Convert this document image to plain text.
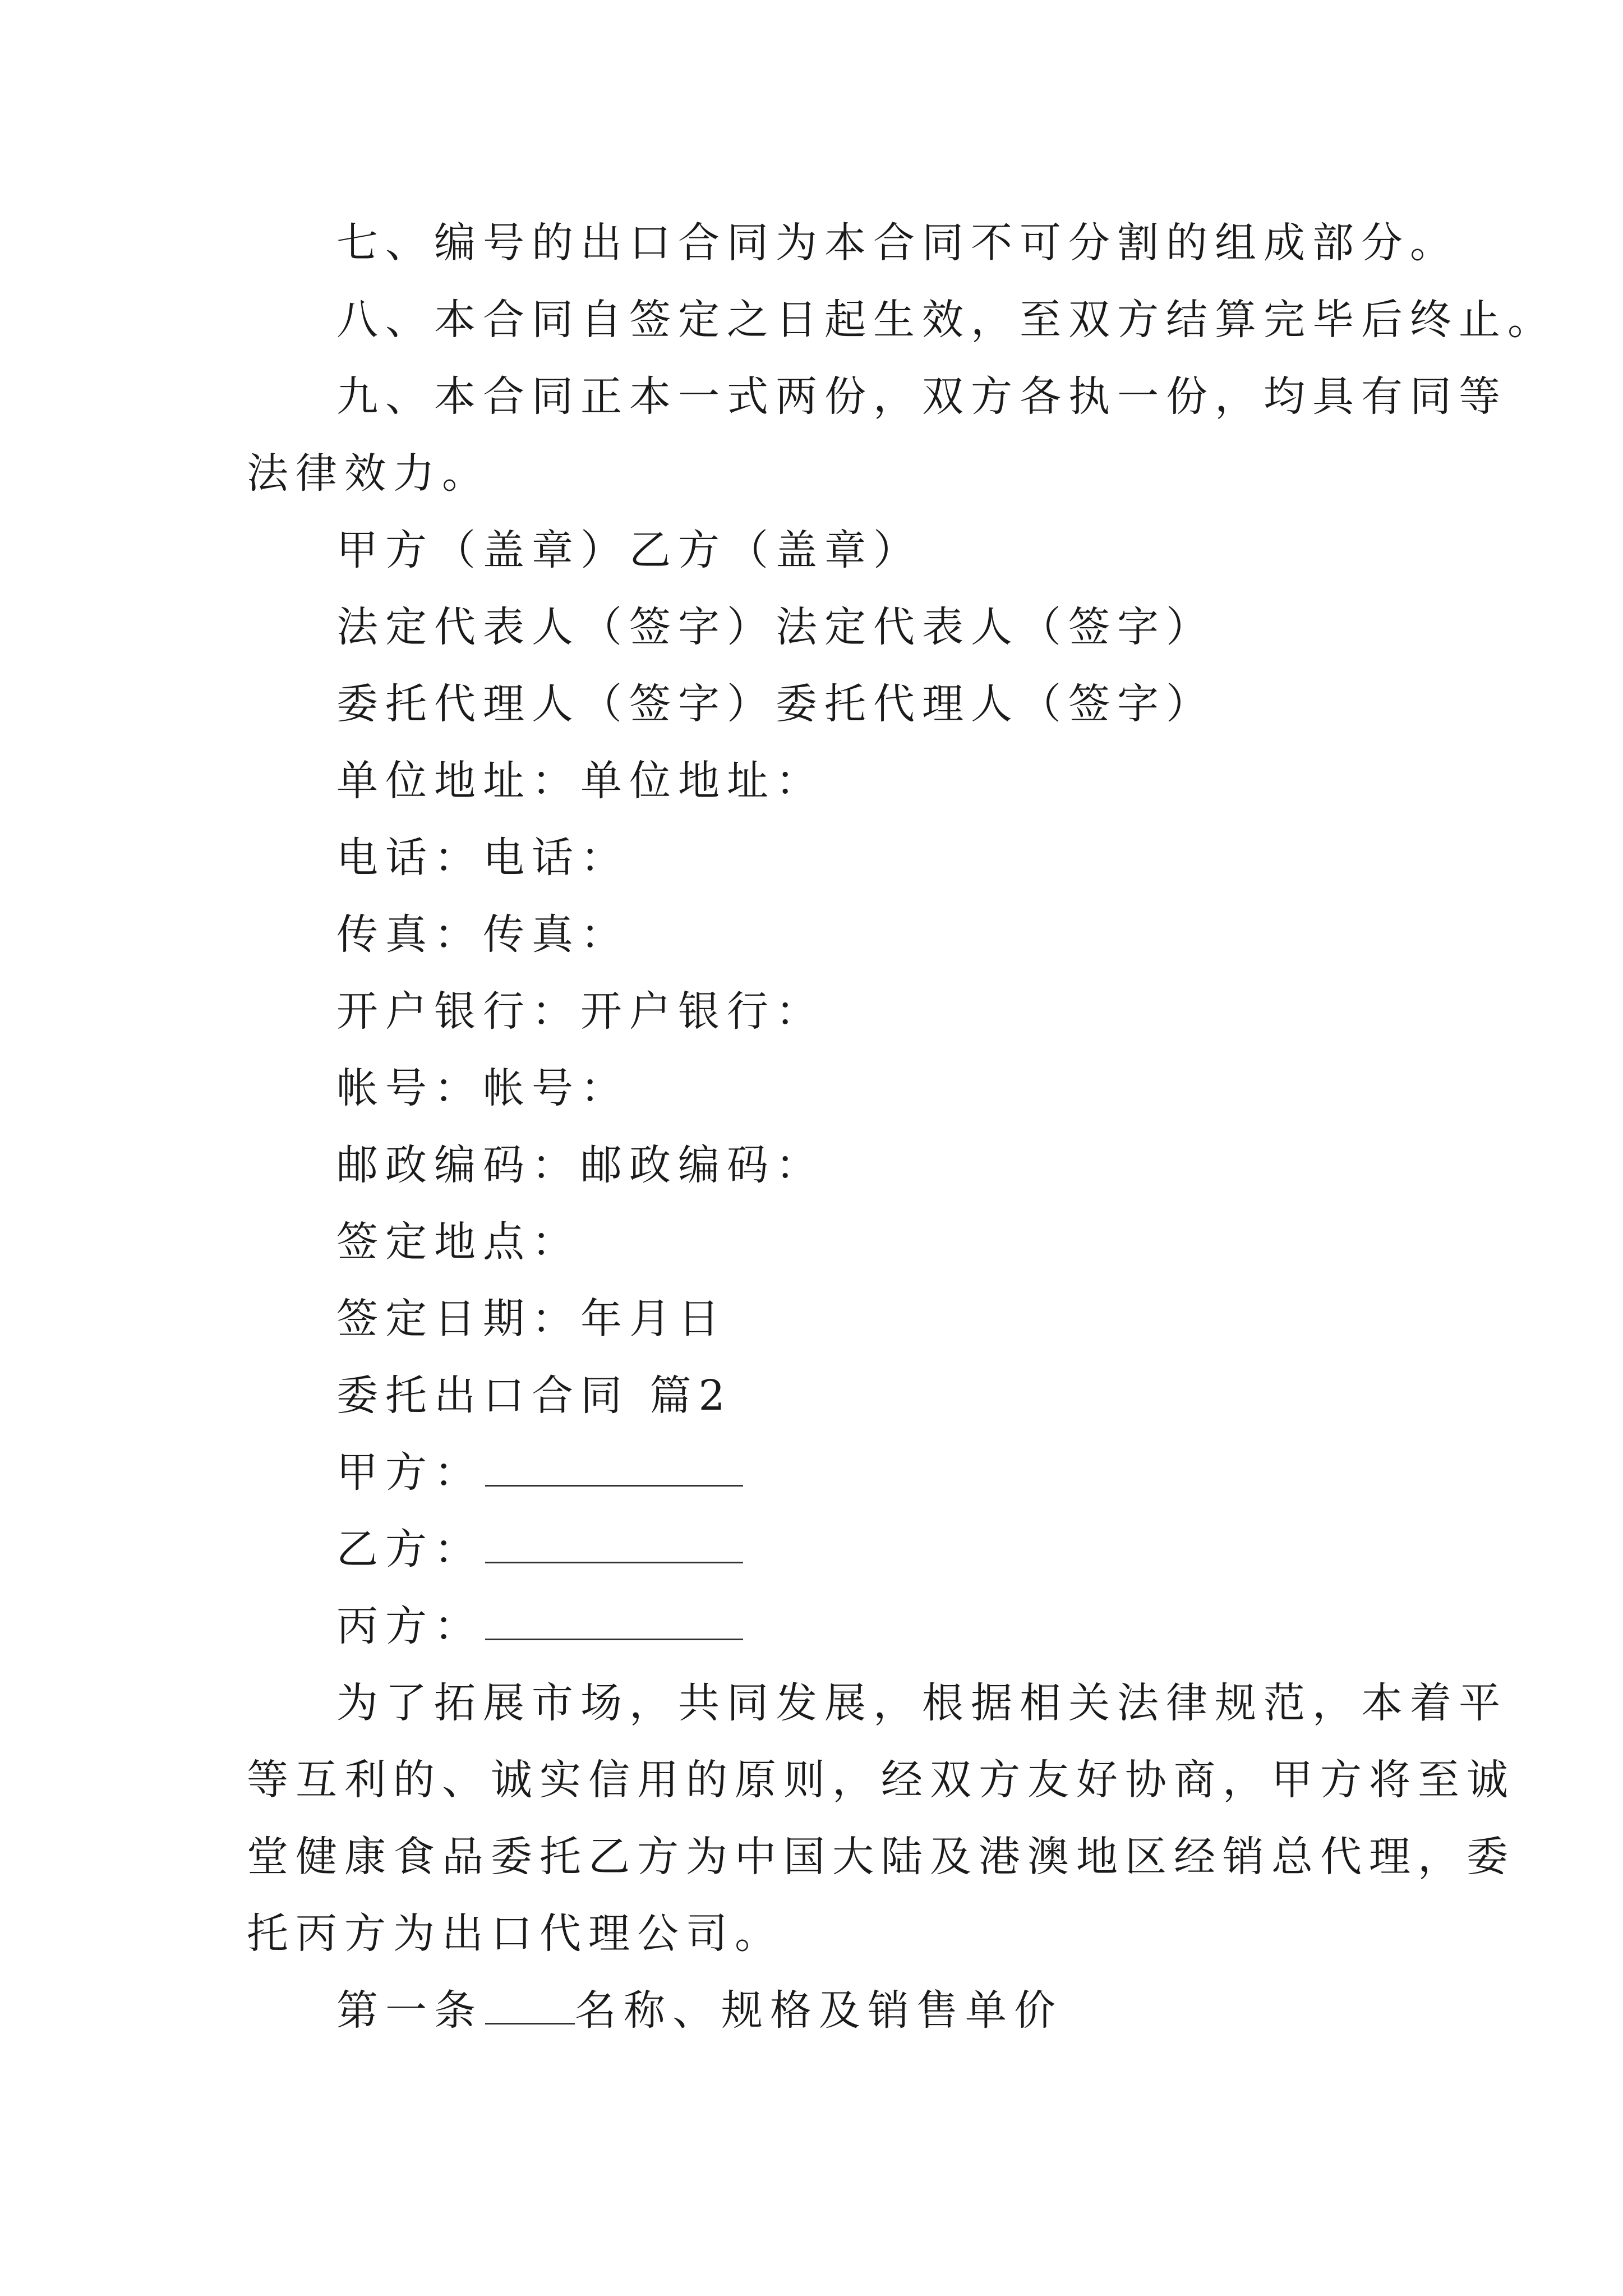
七、编号的出口合同为本合同不可分割的组成部分。
八、本合同自签定之日起生效，至双方结算完毕后终止。
九、本合同正本一式两份，双方各执一份，均具有同等
法律效力。
甲方（盖章）乙方（盖章）
法定代表人（签字）法定代表人（签字）
委托代理人（签字）委托代理人（签字）
单位地址：单位地址：
电话：电话：
传真：传真：
开户银行：开户银行：
帐号：帐号：
邮政编码：邮政编码：
签定地点：
签定日期：年月日
委托出口合同 篇2
甲方：
乙方：
丙方：
为了拓展市场，共同发展，根据相关法律规范，本着平
等互利的、诚实信用的原则，经双方友好协商，甲方将至诚
堂健康食品委托乙方为中国大陆及港澳地区经销总代理，委
托丙方为出口代理公司。
第一条 名称、规格及销售单价
